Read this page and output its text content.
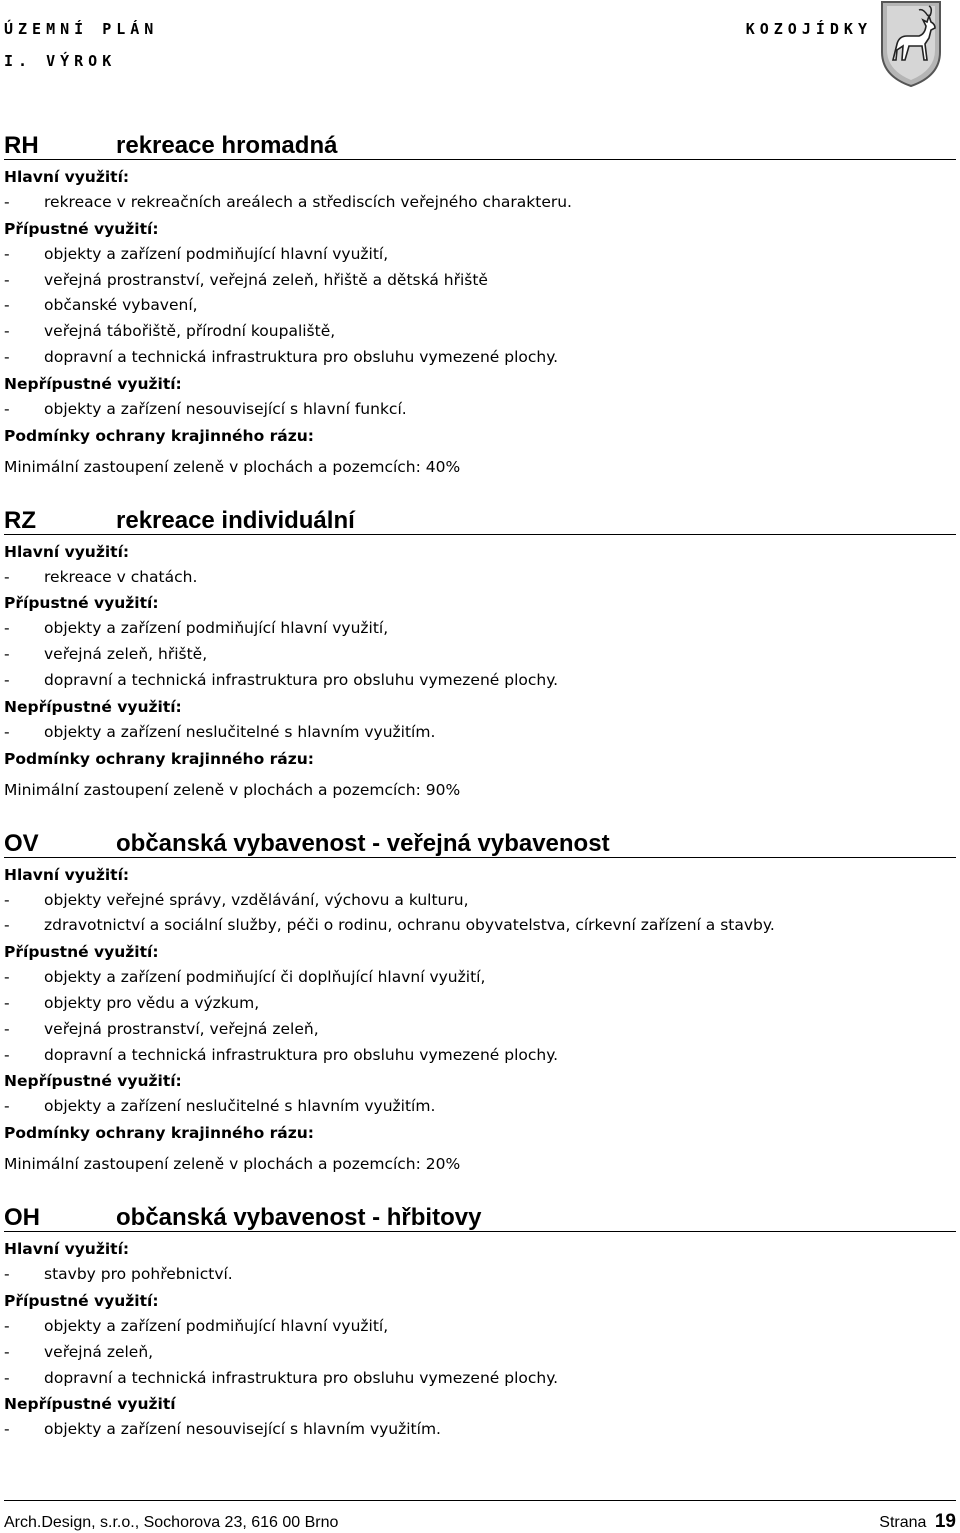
ÚZEMNÍ PLÁN
I. VÝROK
KOZOJÍDKY
RH	rekreace hromadná
Hlavní využití:
-	rekreace v rekreačních areálech a střediscích veřejného charakteru.
Přípustné využití:
-	objekty a zařízení podmiňující hlavní využití,
-	veřejná prostranství, veřejná zeleň, hřiště a dětská hřiště
-	občanské vybavení,
-	veřejná tábořiště, přírodní koupaliště,
-	dopravní a technická infrastruktura pro obsluhu vymezené plochy.
Nepřípustné využití:
-	objekty a zařízení nesouvisející s hlavní funkcí.
Podmínky ochrany krajinného rázu:
Minimální zastoupení zeleně v plochách a pozemcích: 40%
RZ	rekreace individuální
Hlavní využití:
-	rekreace v chatách.
Přípustné využití:
-	objekty a zařízení podmiňující hlavní využití,
-	veřejná zeleň, hřiště,
-	dopravní a technická infrastruktura pro obsluhu vymezené plochy.
Nepřípustné využití:
-	objekty a zařízení neslučitelné s hlavním využitím.
Podmínky ochrany krajinného rázu:
Minimální zastoupení zeleně v plochách a pozemcích: 90%
OV	občanská vybavenost - veřejná vybavenost
Hlavní využití:
-	objekty veřejné správy, vzdělávání, výchovu a kulturu,
-	zdravotnictví a sociální služby, péči o rodinu, ochranu obyvatelstva, církevní zařízení a stavby.
Přípustné využití:
-	objekty a zařízení podmiňující či doplňující hlavní využití,
-	objekty pro vědu a výzkum,
-	veřejná prostranství, veřejná zeleň,
-	dopravní a technická infrastruktura pro obsluhu vymezené plochy.
Nepřípustné využití:
-	objekty a zařízení neslučitelné s hlavním využitím.
Podmínky ochrany krajinného rázu:
Minimální zastoupení zeleně v plochách a pozemcích: 20%
OH	občanská vybavenost - hřbitovy
Hlavní využití:
-	stavby pro pohřebnictví.
Přípustné využití:
-	objekty a zařízení podmiňující hlavní využití,
-	veřejná zeleň,
-	dopravní a technická infrastruktura pro obsluhu vymezené plochy.
Nepřípustné využití
-	objekty a zařízení nesouvisející s hlavním využitím.
Arch.Design, s.r.o., Sochorova 23, 616 00 Brno	Strana 19
